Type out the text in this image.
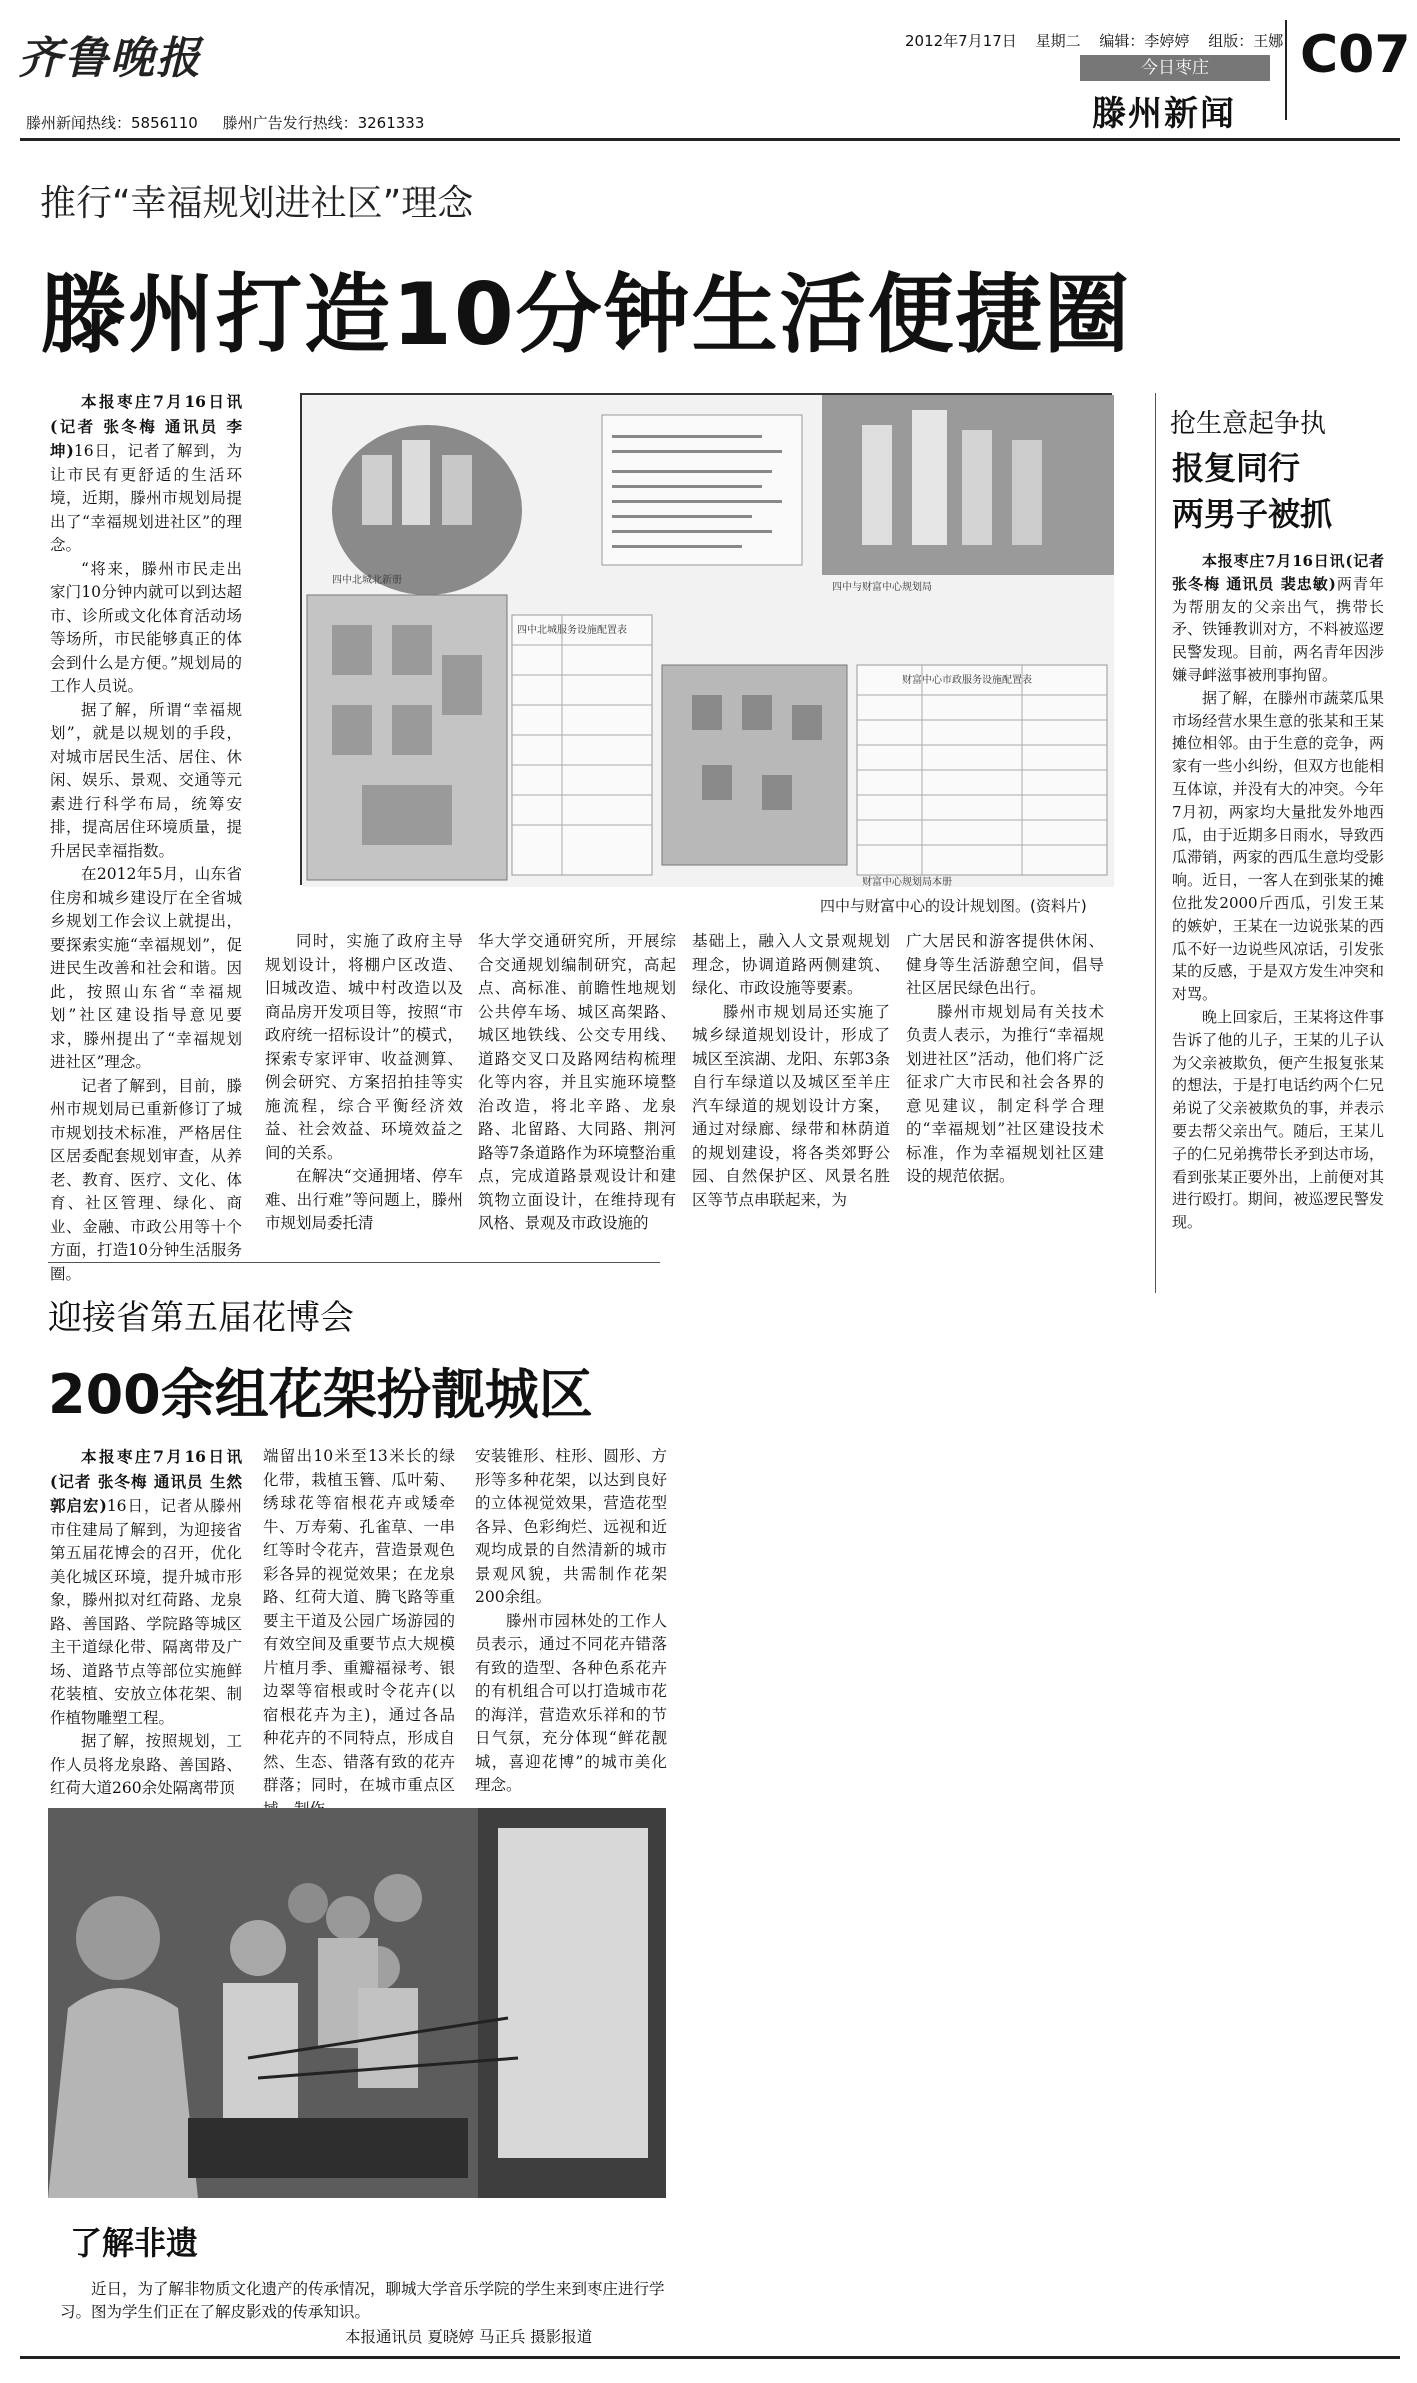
齐鲁晚报
滕州新闻热线：5856110 滕州广告发行热线：3261333
2012年7月17日 星期二 编辑：李婷婷 组版：王娜
今日枣庄
滕州新闻
C07
推行“幸福规划进社区”理念
滕州打造10分钟生活便捷圈

本报枣庄7月16日讯(记者 张冬梅 通讯员 李坤)16日，记者了解到，为让市民有更舒适的生活环境，近期，滕州市规划局提出了“幸福规划进社区”的理念。

“将来，滕州市民走出家门10分钟内就可以到达超市、诊所或文化体育活动场等场所，市民能够真正的体会到什么是方便。”规划局的工作人员说。

据了解，所谓“幸福规划”，就是以规划的手段，对城市居民生活、居住、休闲、娱乐、景观、交通等元素进行科学布局，统筹安排，提高居住环境质量，提升居民幸福指数。

在2012年5月，山东省住房和城乡建设厅在全省城乡规划工作会议上就提出，要探索实施“幸福规划”，促进民生改善和社会和谐。因此，按照山东省“幸福规划”社区建设指导意见要求，滕州提出了“幸福规划进社区”理念。

记者了解到，目前，滕州市规划局已重新修订了城市规划技术标准，严格居住区居委配套规划审查，从养老、教育、医疗、文化、体育、社区管理、绿化、商业、金融、市政公用等十个方面，打造10分钟生活服务圈。

四中北城北新册
四中与财富中心规划局
财富中心规划局本册
财富中心市政服务设施配置表
四中北城服务设施配置表
四中与财富中心的设计规划图。(资料片)

同时，实施了政府主导规划设计，将棚户区改造、旧城改造、城中村改造以及商品房开发项目等，按照“市政府统一招标设计”的模式，探索专家评审、收益测算、例会研究、方案招拍挂等实施流程，综合平衡经济效益、社会效益、环境效益之间的关系。

在解决“交通拥堵、停车难、出行难”等问题上，滕州市规划局委托清

华大学交通研究所，开展综合交通规划编制研究，高起点、高标准、前瞻性地规划公共停车场、城区高架路、城区地铁线、公交专用线、道路交叉口及路网结构梳理化等内容，并且实施环境整治改造，将北辛路、龙泉路、北留路、大同路、荆河路等7条道路作为环境整治重点，完成道路景观设计和建筑物立面设计，在维持现有风格、景观及市政设施的

基础上，融入人文景观规划理念，协调道路两侧建筑、绿化、市政设施等要素。

滕州市规划局还实施了城乡绿道规划设计，形成了城区至滨湖、龙阳、东郭3条自行车绿道以及城区至羊庄汽车绿道的规划设计方案，通过对绿廊、绿带和林荫道的规划建设，将各类郊野公园、自然保护区、风景名胜区等节点串联起来，为

广大居民和游客提供休闲、健身等生活游憩空间，倡导社区居民绿色出行。

滕州市规划局有关技术负责人表示，为推行“幸福规划进社区”活动，他们将广泛征求广大市民和社会各界的意见建议，制定科学合理的“幸福规划”社区建设技术标准，作为幸福规划社区建设的规范依据。

抢生意起争执
报复同行
两男子被抓

本报枣庄7月16日讯(记者 张冬梅 通讯员 裴忠敏)两青年为帮朋友的父亲出气，携带长矛、铁锤教训对方，不料被巡逻民警发现。目前，两名青年因涉嫌寻衅滋事被刑事拘留。

据了解，在滕州市蔬菜瓜果市场经营水果生意的张某和王某摊位相邻。由于生意的竞争，两家有一些小纠纷，但双方也能相互体谅，并没有大的冲突。今年7月初，两家均大量批发外地西瓜，由于近期多日雨水，导致西瓜滞销，两家的西瓜生意均受影响。近日，一客人在到张某的摊位批发2000斤西瓜，引发王某的嫉妒，王某在一边说张某的西瓜不好一边说些风凉话，引发张某的反感，于是双方发生冲突和对骂。

晚上回家后，王某将这件事告诉了他的儿子，王某的儿子认为父亲被欺负，便产生报复张某的想法，于是打电话约两个仁兄弟说了父亲被欺负的事，并表示要去帮父亲出气。随后，王某儿子的仁兄弟携带长矛到达市场，看到张某正要外出，上前便对其进行殴打。期间，被巡逻民警发现。

迎接省第五届花博会
200余组花架扮靓城区

本报枣庄7月16日讯(记者 张冬梅 通讯员 生然 郭启宏)16日，记者从滕州市住建局了解到，为迎接省第五届花博会的召开，优化美化城区环境，提升城市形象，滕州拟对红荷路、龙泉路、善国路、学院路等城区主干道绿化带、隔离带及广场、道路节点等部位实施鲜花装植、安放立体花架、制作植物雕塑工程。

据了解，按照规划，工作人员将龙泉路、善国路、红荷大道260余处隔离带顶

端留出10米至13米长的绿化带，栽植玉簪、瓜叶菊、绣球花等宿根花卉或矮牵牛、万寿菊、孔雀草、一串红等时令花卉，营造景观色彩各异的视觉效果；在龙泉路、红荷大道、腾飞路等重要主干道及公园广场游园的有效空间及重要节点大规模片植月季、重瓣福禄考、银边翠等宿根或时令花卉(以宿根花卉为主)，通过各品种花卉的不同特点，形成自然、生态、错落有致的花卉群落；同时，在城市重点区

安装锥形、柱形、圆形、方形等多种花架，以达到良好的立体视觉效果，营造花型各异、色彩绚烂、远视和近观均成景的自然清新的城市景观风貌，共需制作花架200余组。

滕州市园林处的工作人员表示，通过不同花卉错落有致的造型、各种色系花卉的有机组合可以打造城市花的海洋，营造欢乐祥和的节日气氛，充分体现“鲜花靓城，喜迎花博”的城市美化理念。

了解非遗
近日，为了解非物质文化遗产的传承情况，聊城大学音乐学院的学生来到枣庄进行学习。图为学生们正在了解皮影戏的传承知识。
本报通讯员 夏晓婷 马正兵 摄影报道
